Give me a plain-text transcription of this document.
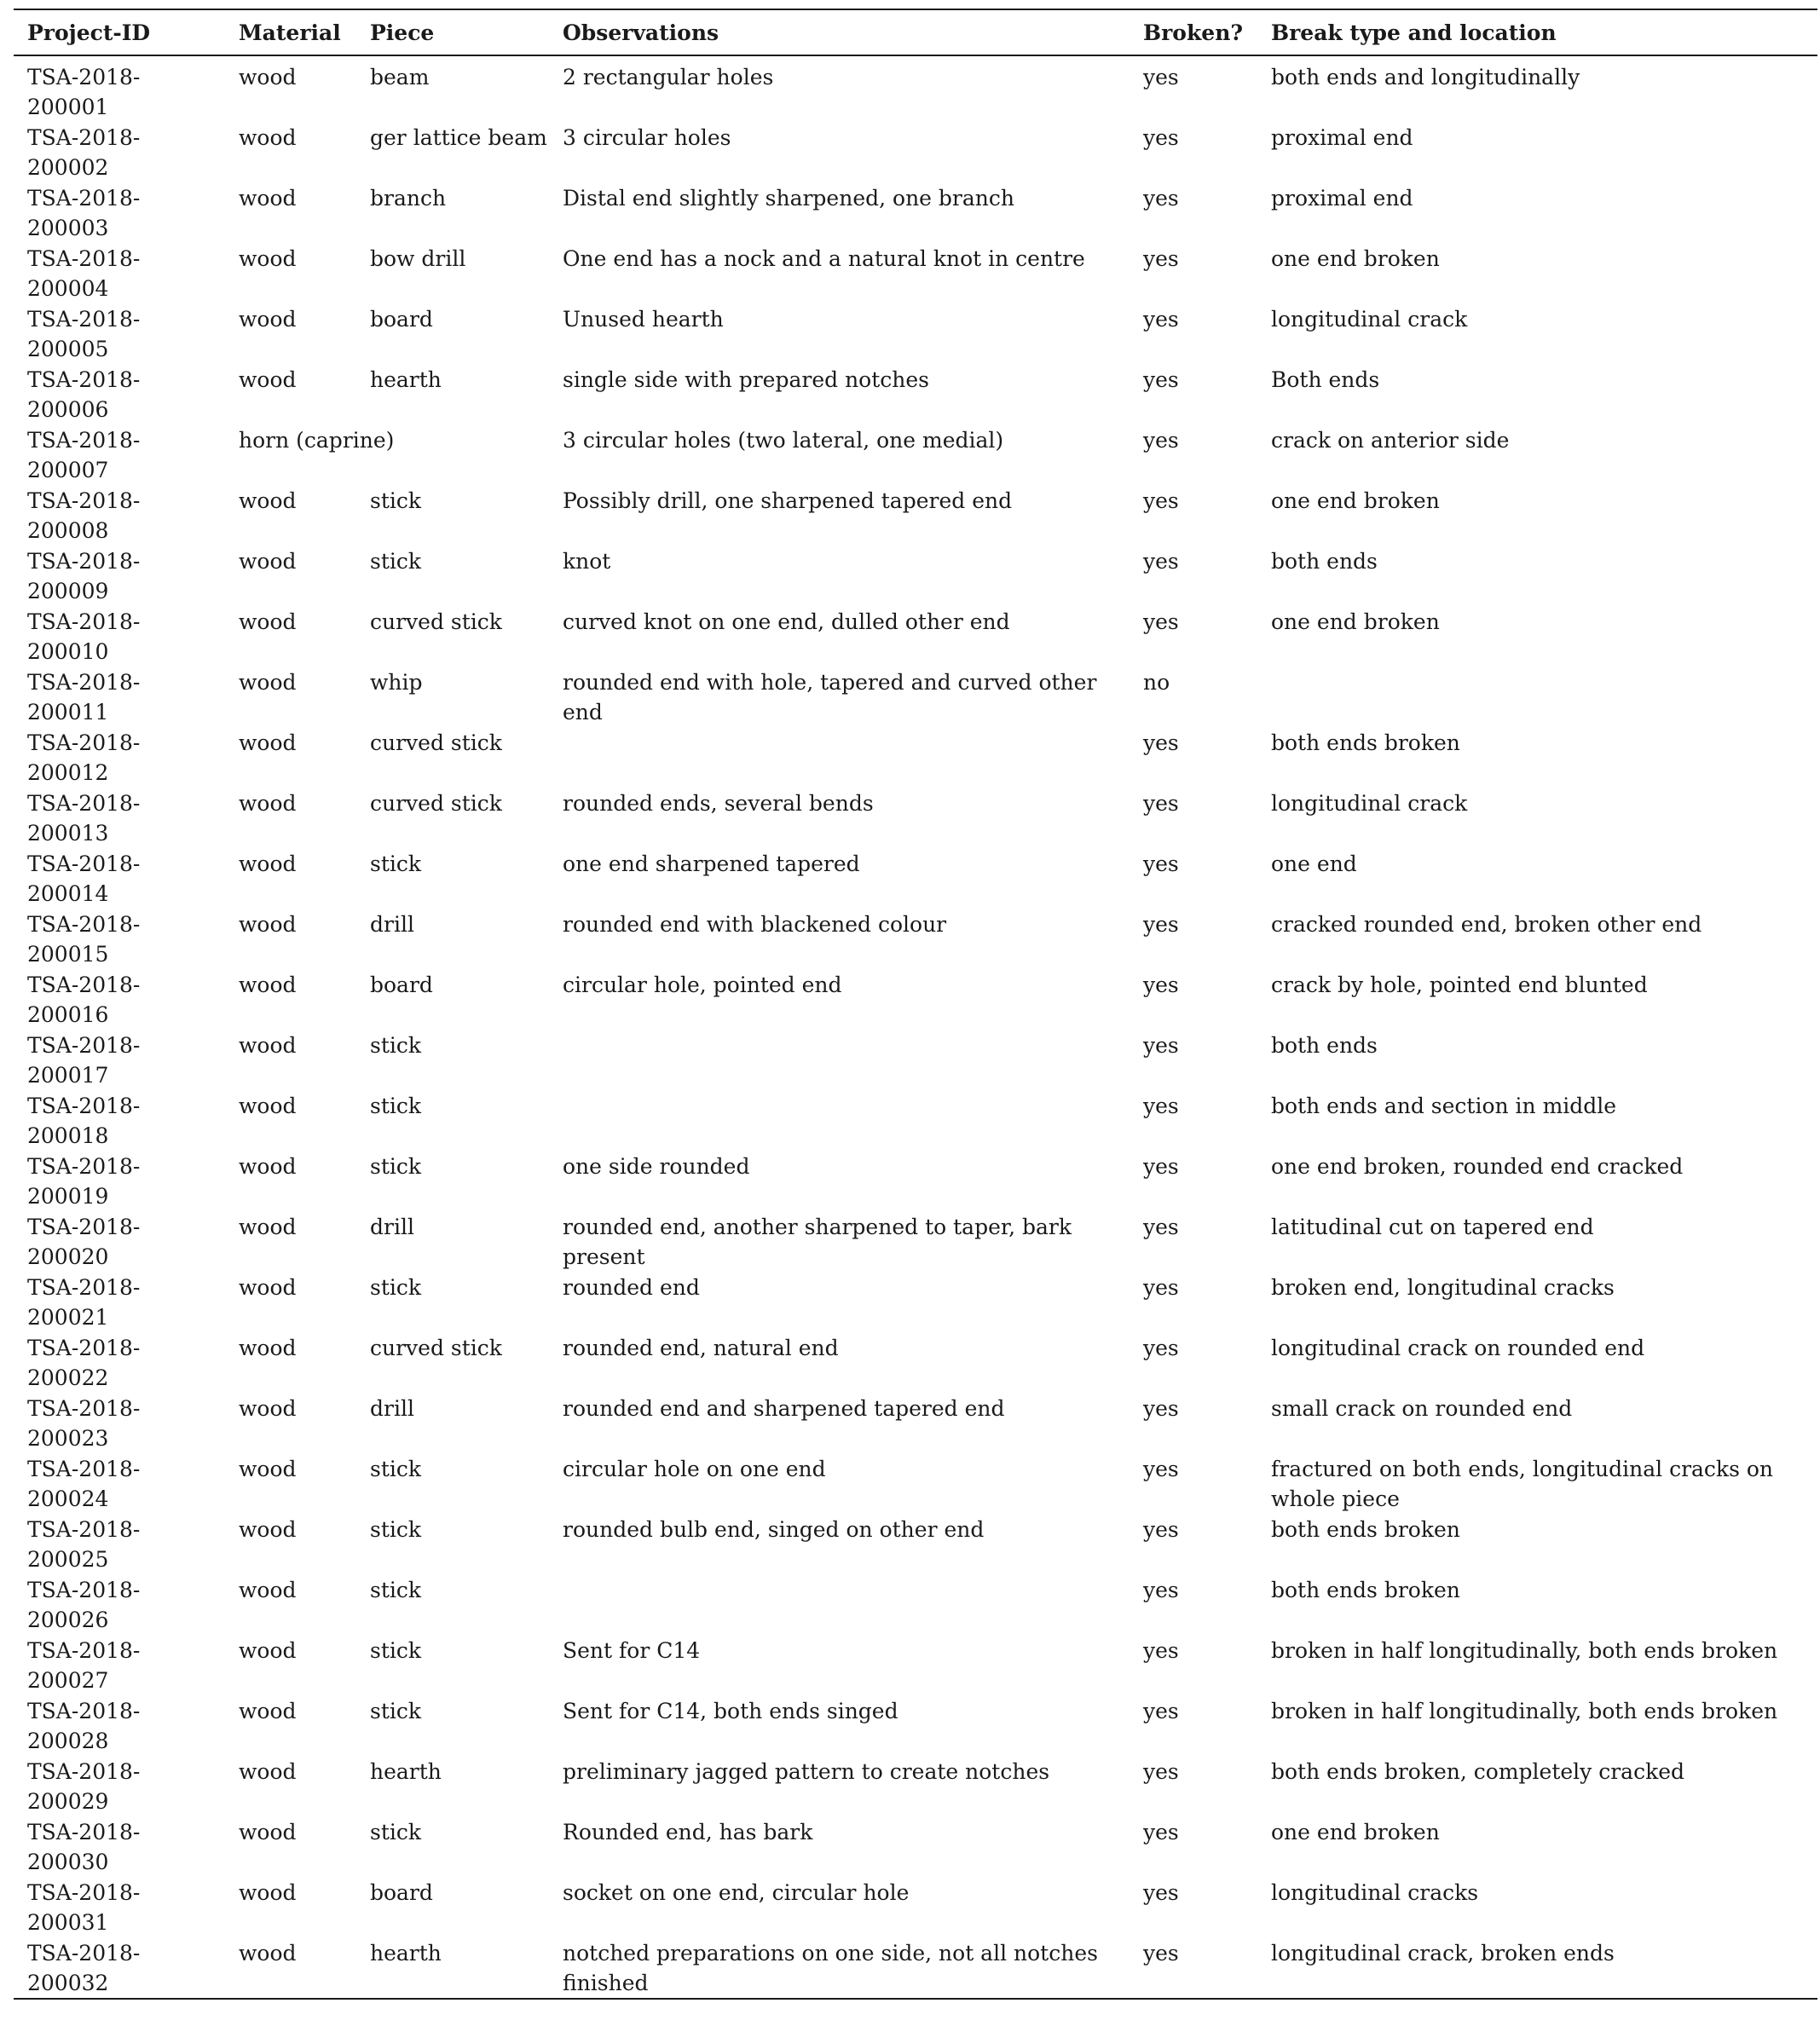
Project-ID	Material	Piece	Observations	Broken?	Break type and location

TSA-2018-
200001	wood	beam	2 rectangular holes	yes	both ends and longitudinally

TSA-2018-
200002	wood	ger lattice beam	3 circular holes	yes	proximal end

TSA-2018-
200003	wood	branch	Distal end slightly sharpened, one branch	yes	proximal end

TSA-2018-
200004	wood	bow drill	One end has a nock and a natural knot in centre	yes	one end broken

TSA-2018-
200005	wood	board	Unused hearth	yes	longitudinal crack

TSA-2018-
200006	wood	hearth	single side with prepared notches	yes	Both ends

TSA-2018-
200007	horn (caprine)		3 circular holes (two lateral, one medial)	yes	crack on anterior side

TSA-2018-
200008	wood	stick	Possibly drill, one sharpened tapered end	yes	one end broken

TSA-2018-
200009	wood	stick	knot	yes	both ends

TSA-2018-
200010	wood	curved stick	curved knot on one end, dulled other end	yes	one end broken

TSA-2018-
200011	wood	whip	rounded end with hole, tapered and curved other end	no	

TSA-2018-
200012	wood	curved stick		yes	both ends broken

TSA-2018-
200013	wood	curved stick	rounded ends, several bends	yes	longitudinal crack

TSA-2018-
200014	wood	stick	one end sharpened tapered	yes	one end

TSA-2018-
200015	wood	drill	rounded end with blackened colour	yes	cracked rounded end, broken other end

TSA-2018-
200016	wood	board	circular hole, pointed end	yes	crack by hole, pointed end blunted

TSA-2018-
200017	wood	stick		yes	both ends

TSA-2018-
200018	wood	stick		yes	both ends and section in middle

TSA-2018-
200019	wood	stick	one side rounded	yes	one end broken, rounded end cracked

TSA-2018-
200020	wood	drill	rounded end, another sharpened to taper, bark present	yes	latitudinal cut on tapered end

TSA-2018-
200021	wood	stick	rounded end	yes	broken end, longitudinal cracks

TSA-2018-
200022	wood	curved stick	rounded end, natural end	yes	longitudinal crack on rounded end

TSA-2018-
200023	wood	drill	rounded end and sharpened tapered end	yes	small crack on rounded end

TSA-2018-
200024	wood	stick	circular hole on one end	yes	fractured on both ends, longitudinal cracks on whole piece

TSA-2018-
200025	wood	stick	rounded bulb end, singed on other end	yes	both ends broken

TSA-2018-
200026	wood	stick		yes	both ends broken

TSA-2018-
200027	wood	stick	Sent for C14	yes	broken in half longitudinally, both ends broken

TSA-2018-
200028	wood	stick	Sent for C14, both ends singed	yes	broken in half longitudinally, both ends broken

TSA-2018-
200029	wood	hearth	preliminary jagged pattern to create notches	yes	both ends broken, completely cracked

TSA-2018-
200030	wood	stick	Rounded end, has bark	yes	one end broken

TSA-2018-
200031	wood	board	socket on one end, circular hole	yes	longitudinal cracks

TSA-2018-
200032	wood	hearth	notched preparations on one side, not all notches finished	yes	longitudinal crack, broken ends
